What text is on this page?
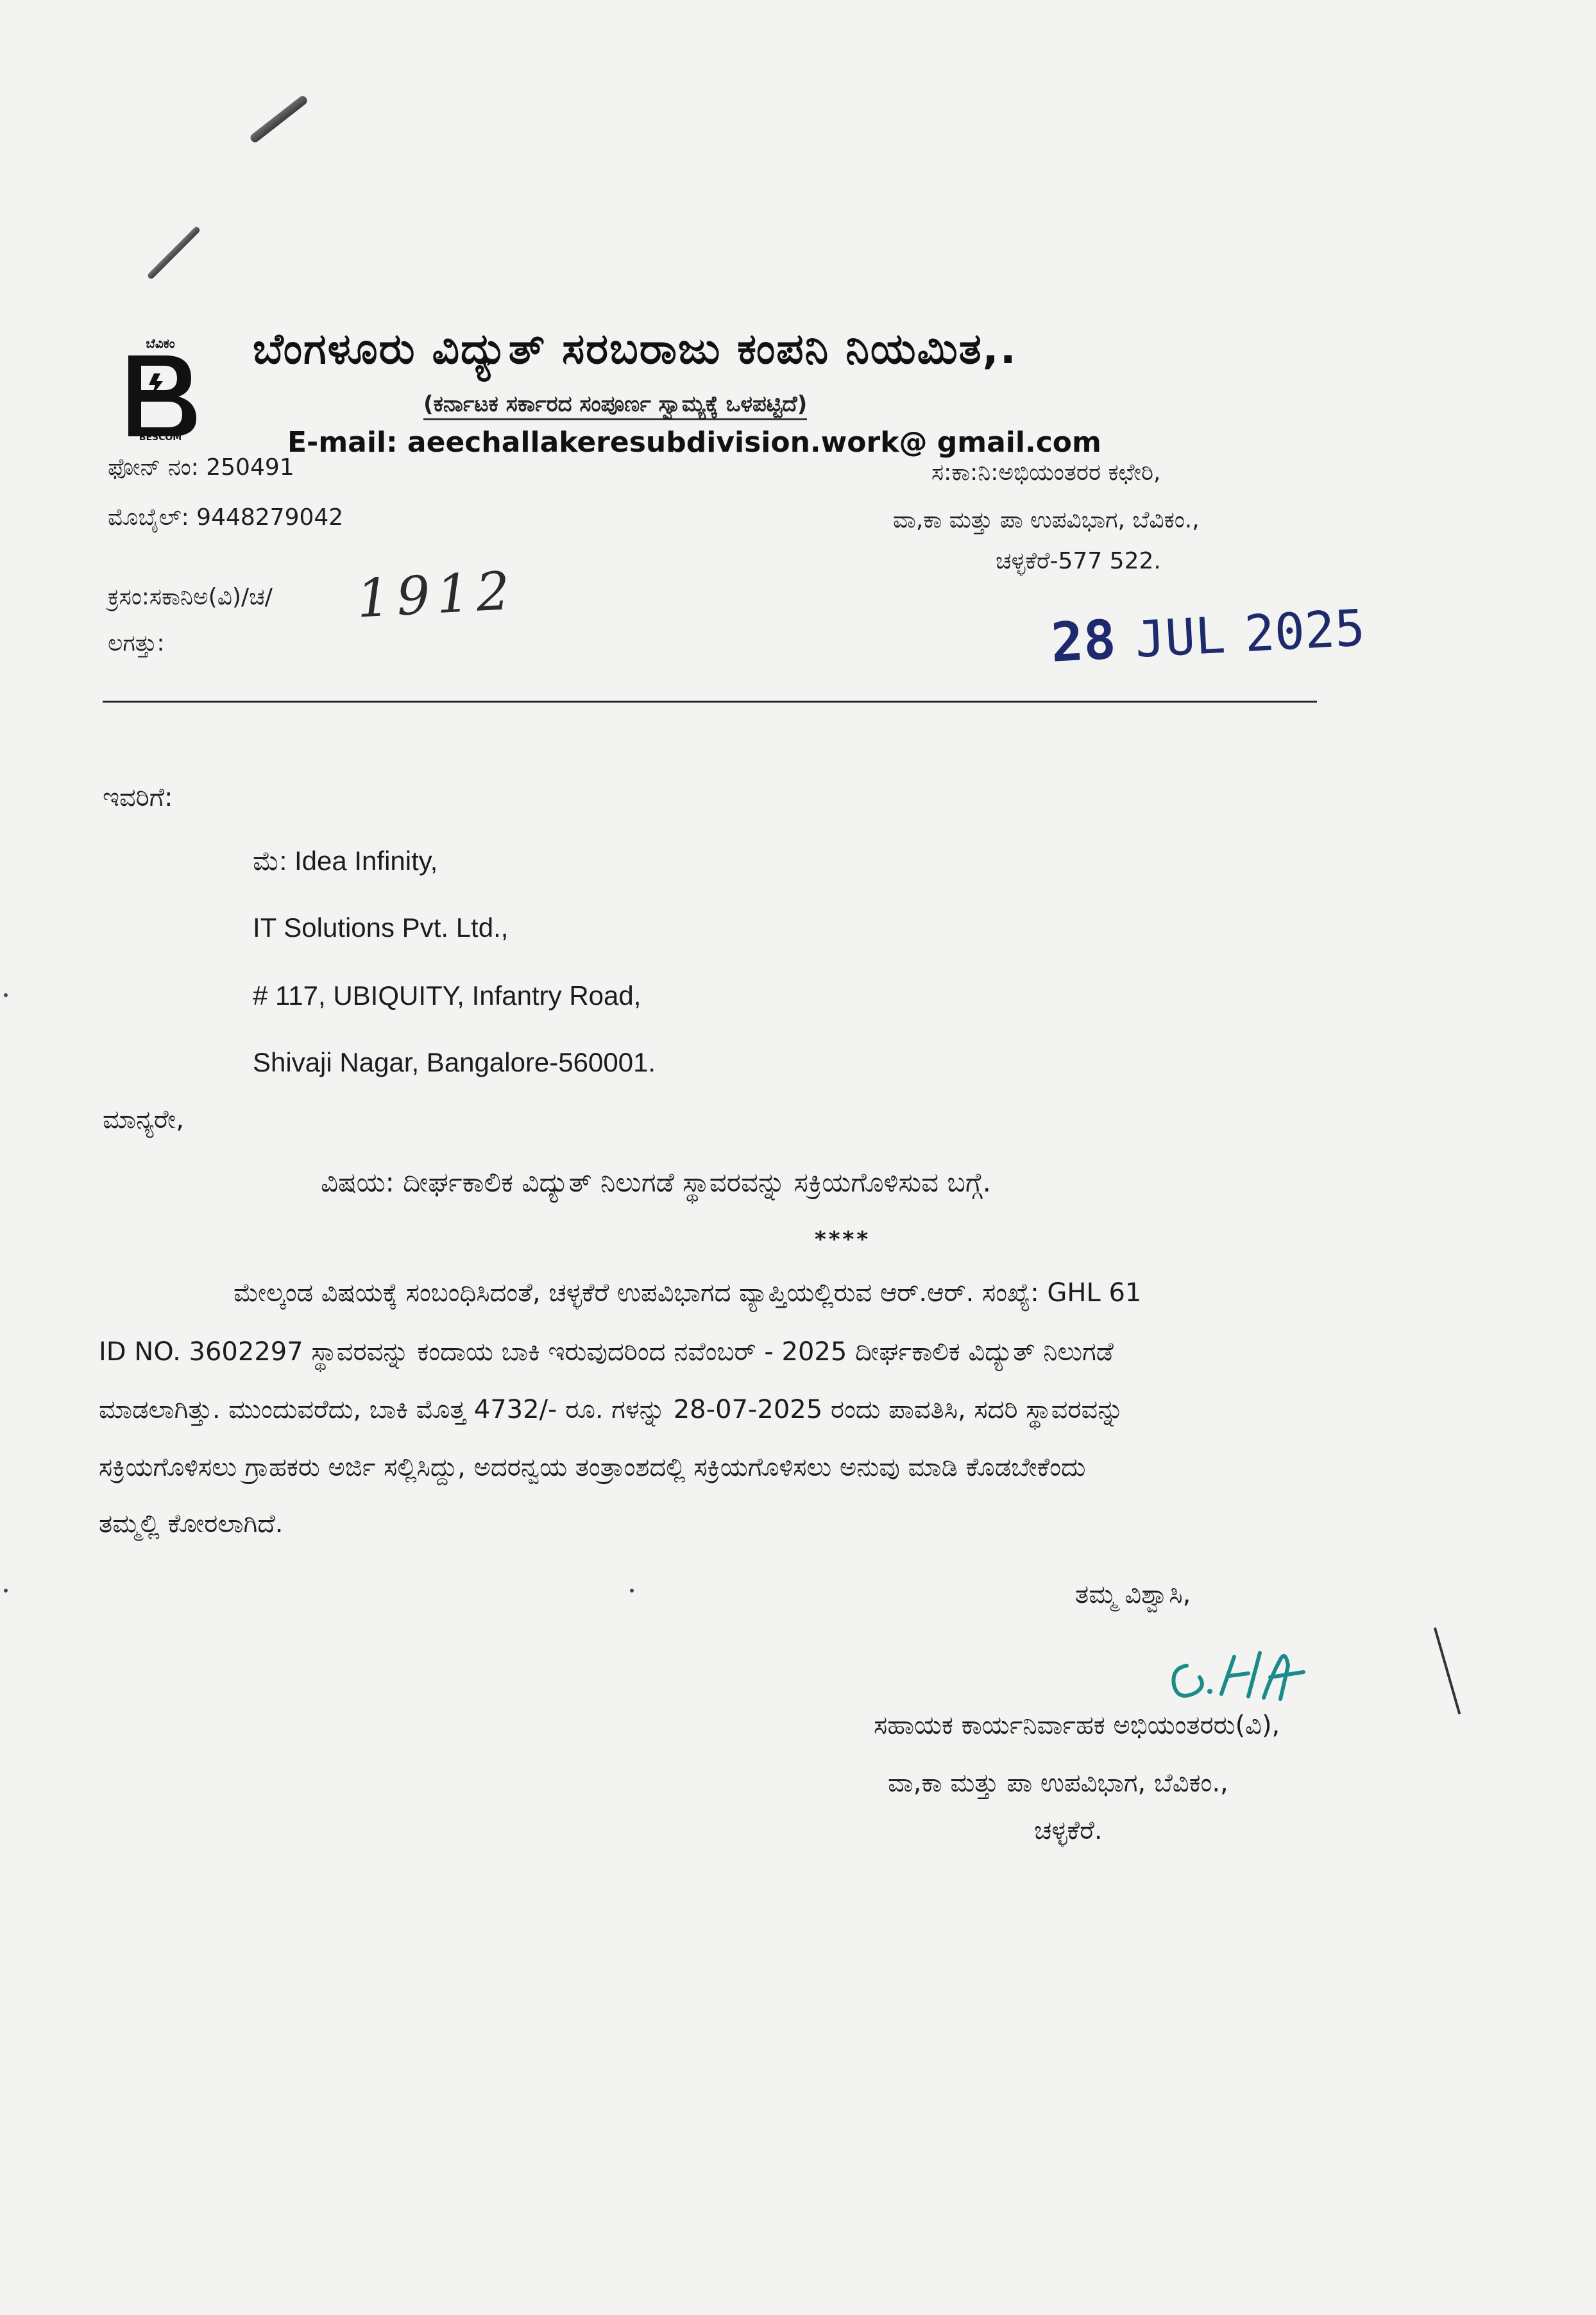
ಬೆವಿಕಂ
BESCOM
ಬೆಂಗಳೂರು ವಿದ್ಯುತ್ ಸರಬರಾಜು ಕಂಪನಿ ನಿಯಮಿತ,.
(ಕರ್ನಾಟಕ ಸರ್ಕಾರದ ಸಂಪೂರ್ಣ ಸ್ವಾಮ್ಯಕ್ಕೆ ಒಳಪಟ್ಟಿದೆ)
E-mail: aeechallakeresubdivision.work@ gmail.com
ಫೋನ್ ನಂ: 250491
ಮೊಬೈಲ್: 9448279042
ಸ:ಕಾ:ನಿ:ಅಭಿಯಂತರರ ಕಛೇರಿ,
ವಾ,ಕಾ ಮತ್ತು ಪಾ ಉಪವಿಭಾಗ, ಬೆವಿಕಂ.,
ಚಳ್ಳಕೆರೆ-577 522.
ಕ್ರಸಂ:ಸಕಾನಿಅ(ವಿ)/ಚ/ 1912
ಲಗತ್ತು:	28 JUL 2025
ಇವರಿಗೆ:
ಮೆ: Idea Infinity,
IT Solutions Pvt. Ltd.,
# 117, UBIQUITY, Infantry Road,
Shivaji Nagar, Bangalore-560001.
ಮಾನ್ಯರೇ,
ವಿಷಯ: ದೀರ್ಘಕಾಲಿಕ ವಿದ್ಯುತ್ ನಿಲುಗಡೆ ಸ್ಥಾವರವನ್ನು ಸಕ್ರಿಯಗೊಳಿಸುವ ಬಗ್ಗೆ.
****
ಮೇಲ್ಕಂಡ ವಿಷಯಕ್ಕೆ ಸಂಬಂಧಿಸಿದಂತೆ, ಚಳ್ಳಕೆರೆ ಉಪವಿಭಾಗದ ವ್ಯಾಪ್ತಿಯಲ್ಲಿರುವ ಆರ್.ಆರ್. ಸಂಖ್ಯೆ: GHL 61
ID NO. 3602297 ಸ್ಥಾವರವನ್ನು ಕಂದಾಯ ಬಾಕಿ ಇರುವುದರಿಂದ ನವೆಂಬರ್ - 2025 ದೀರ್ಘಕಾಲಿಕ ವಿದ್ಯುತ್ ನಿಲುಗಡೆ
ಮಾಡಲಾಗಿತ್ತು. ಮುಂದುವರೆದು, ಬಾಕಿ ಮೊತ್ತ 4732/- ರೂ. ಗಳನ್ನು 28-07-2025 ರಂದು ಪಾವತಿಸಿ, ಸದರಿ ಸ್ಥಾವರವನ್ನು
ಸಕ್ರಿಯಗೊಳಿಸಲು ಗ್ರಾಹಕರು ಅರ್ಜಿ ಸಲ್ಲಿಸಿದ್ದು, ಅದರನ್ವಯ ತಂತ್ರಾಂಶದಲ್ಲಿ ಸಕ್ರಿಯಗೊಳಿಸಲು ಅನುವು ಮಾಡಿ ಕೊಡಬೇಕೆಂದು
ತಮ್ಮಲ್ಲಿ ಕೋರಲಾಗಿದೆ.
ತಮ್ಮ ವಿಶ್ವಾಸಿ,
ಸಹಾಯಕ ಕಾರ್ಯನಿರ್ವಾಹಕ ಅಭಿಯಂತರರು(ವಿ),
ವಾ,ಕಾ ಮತ್ತು ಪಾ ಉಪವಿಭಾಗ, ಬೆವಿಕಂ.,
ಚಳ್ಳಕೆರೆ.
